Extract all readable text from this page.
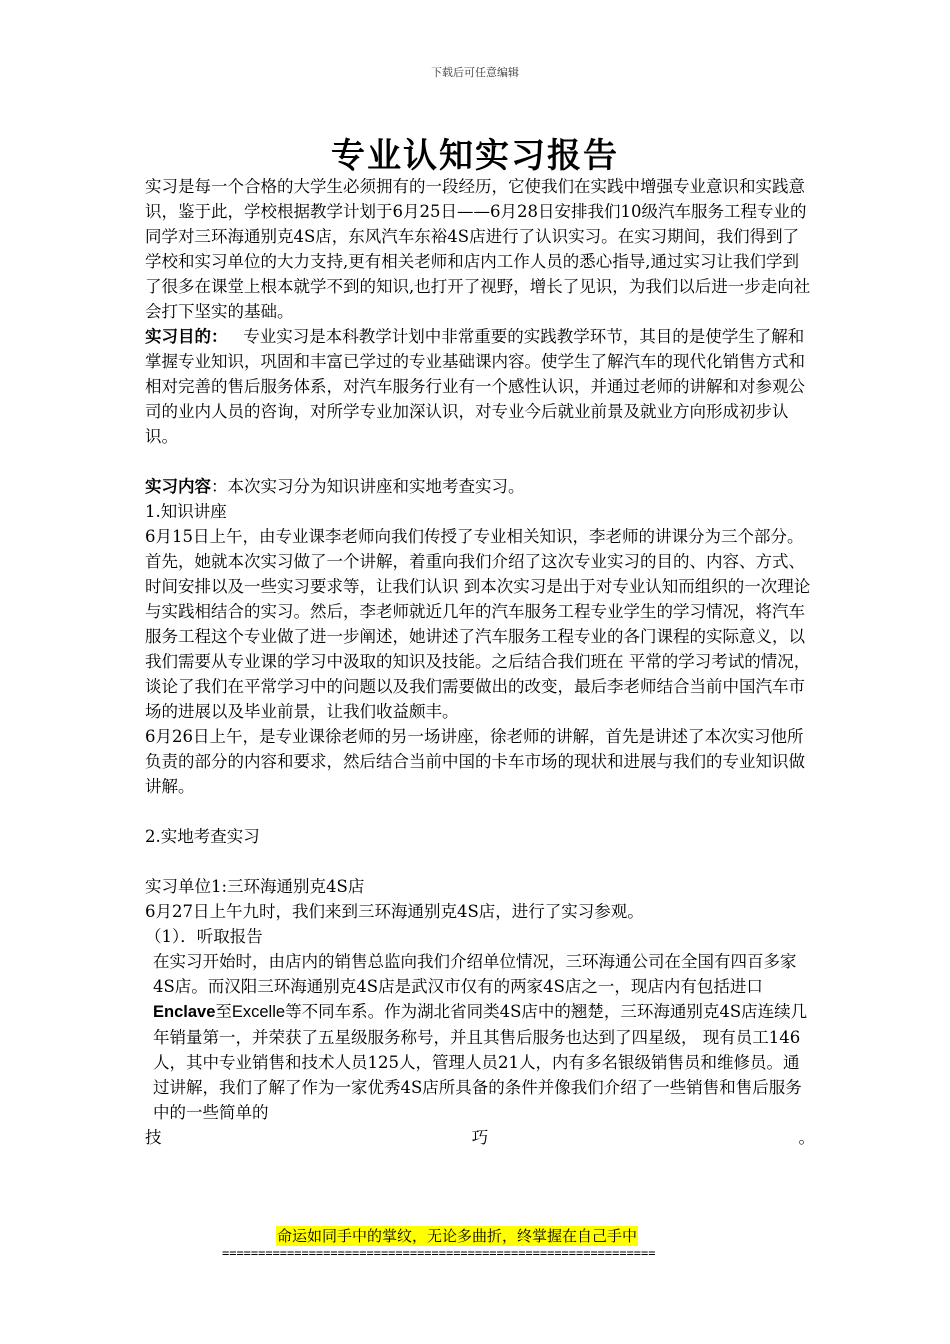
下载后可任意编辑
专业认知实习报告

实习是每一个合格的大学生必须拥有的一段经历，它使我们在实践中增强专业意识和实践意识，鉴于此，学校根据教学计划于6月25日——6月28日安排我们10级汽车服务工程专业的同学对三环海通别克4S店，东风汽车东裕4S店进行了认识实习。在实习期间，我们得到了学校和实习单位的大力支持,更有相关老师和店内工作人员的悉心指导,通过实习让我们学到了很多在课堂上根本就学不到的知识,也打开了视野，增长了见识，为我们以后进一步走向社会打下坚实的基础。

实习目的： 专业实习是本科教学计划中非常重要的实践教学环节，其目的是使学生了解和掌握专业知识，巩固和丰富已学过的专业基础课内容。使学生了解汽车的现代化销售方式和相对完善的售后服务体系，对汽车服务行业有一个感性认识，并通过老师的讲解和对参观公司的业内人员的咨询，对所学专业加深认识，对专业今后就业前景及就业方向形成初步认识。

实习内容：本次实习分为知识讲座和实地考查实习。

1.知识讲座

6月15日上午，由专业课李老师向我们传授了专业相关知识，李老师的讲课分为三个部分。首先，她就本次实习做了一个讲解，着重向我们介绍了这次专业实习的目的、内容、方式、时间安排以及一些实习要求等，让我们认识 到本次实习是出于对专业认知而组织的一次理论与实践相结合的实习。然后，李老师就近几年的汽车服务工程专业学生的学习情况，将汽车服务工程这个专业做了进一步阐述，她讲述了汽车服务工程专业的各门课程的实际意义，以我们需要从专业课的学习中汲取的知识及技能。之后结合我们班在 平常的学习考试的情况，谈论了我们在平常学习中的问题以及我们需要做出的改变，最后李老师结合当前中国汽车市场的进展以及毕业前景，让我们收益颇丰。

6月26日上午，是专业课徐老师的另一场讲座，徐老师的讲解，首先是讲述了本次实习他所负责的部分的内容和要求，然后结合当前中国的卡车市场的现状和进展与我们的专业知识做讲解。

2.实地考查实习

实习单位1:三环海通别克4S店

6月27日上午九时，我们来到三环海通别克4S店，进行了实习参观。

（1）．听取报告

在实习开始时，由店内的销售总监向我们介绍单位情况，三环海通公司在全国有四百多家4S店。而汉阳三环海通别克4S店是武汉市仅有的两家4S店之一，现店内有包括进口Enclave至Excelle等不同车系。作为湖北省同类4S店中的翘楚，三环海通别克4S店连续几年销量第一，并荣获了五星级服务称号，并且其售后服务也达到了四星级， 现有员工146人，其中专业销售和技术人员125人，管理人员21人，内有多名银级销售员和维修员。通过讲解，我们了解了作为一家优秀4S店所具备的条件并像我们介绍了一些销售和售后服务中的一些简单的

技	巧	。

命运如同手中的掌纹，无论多曲折，终掌握在自己手中
============================================================
